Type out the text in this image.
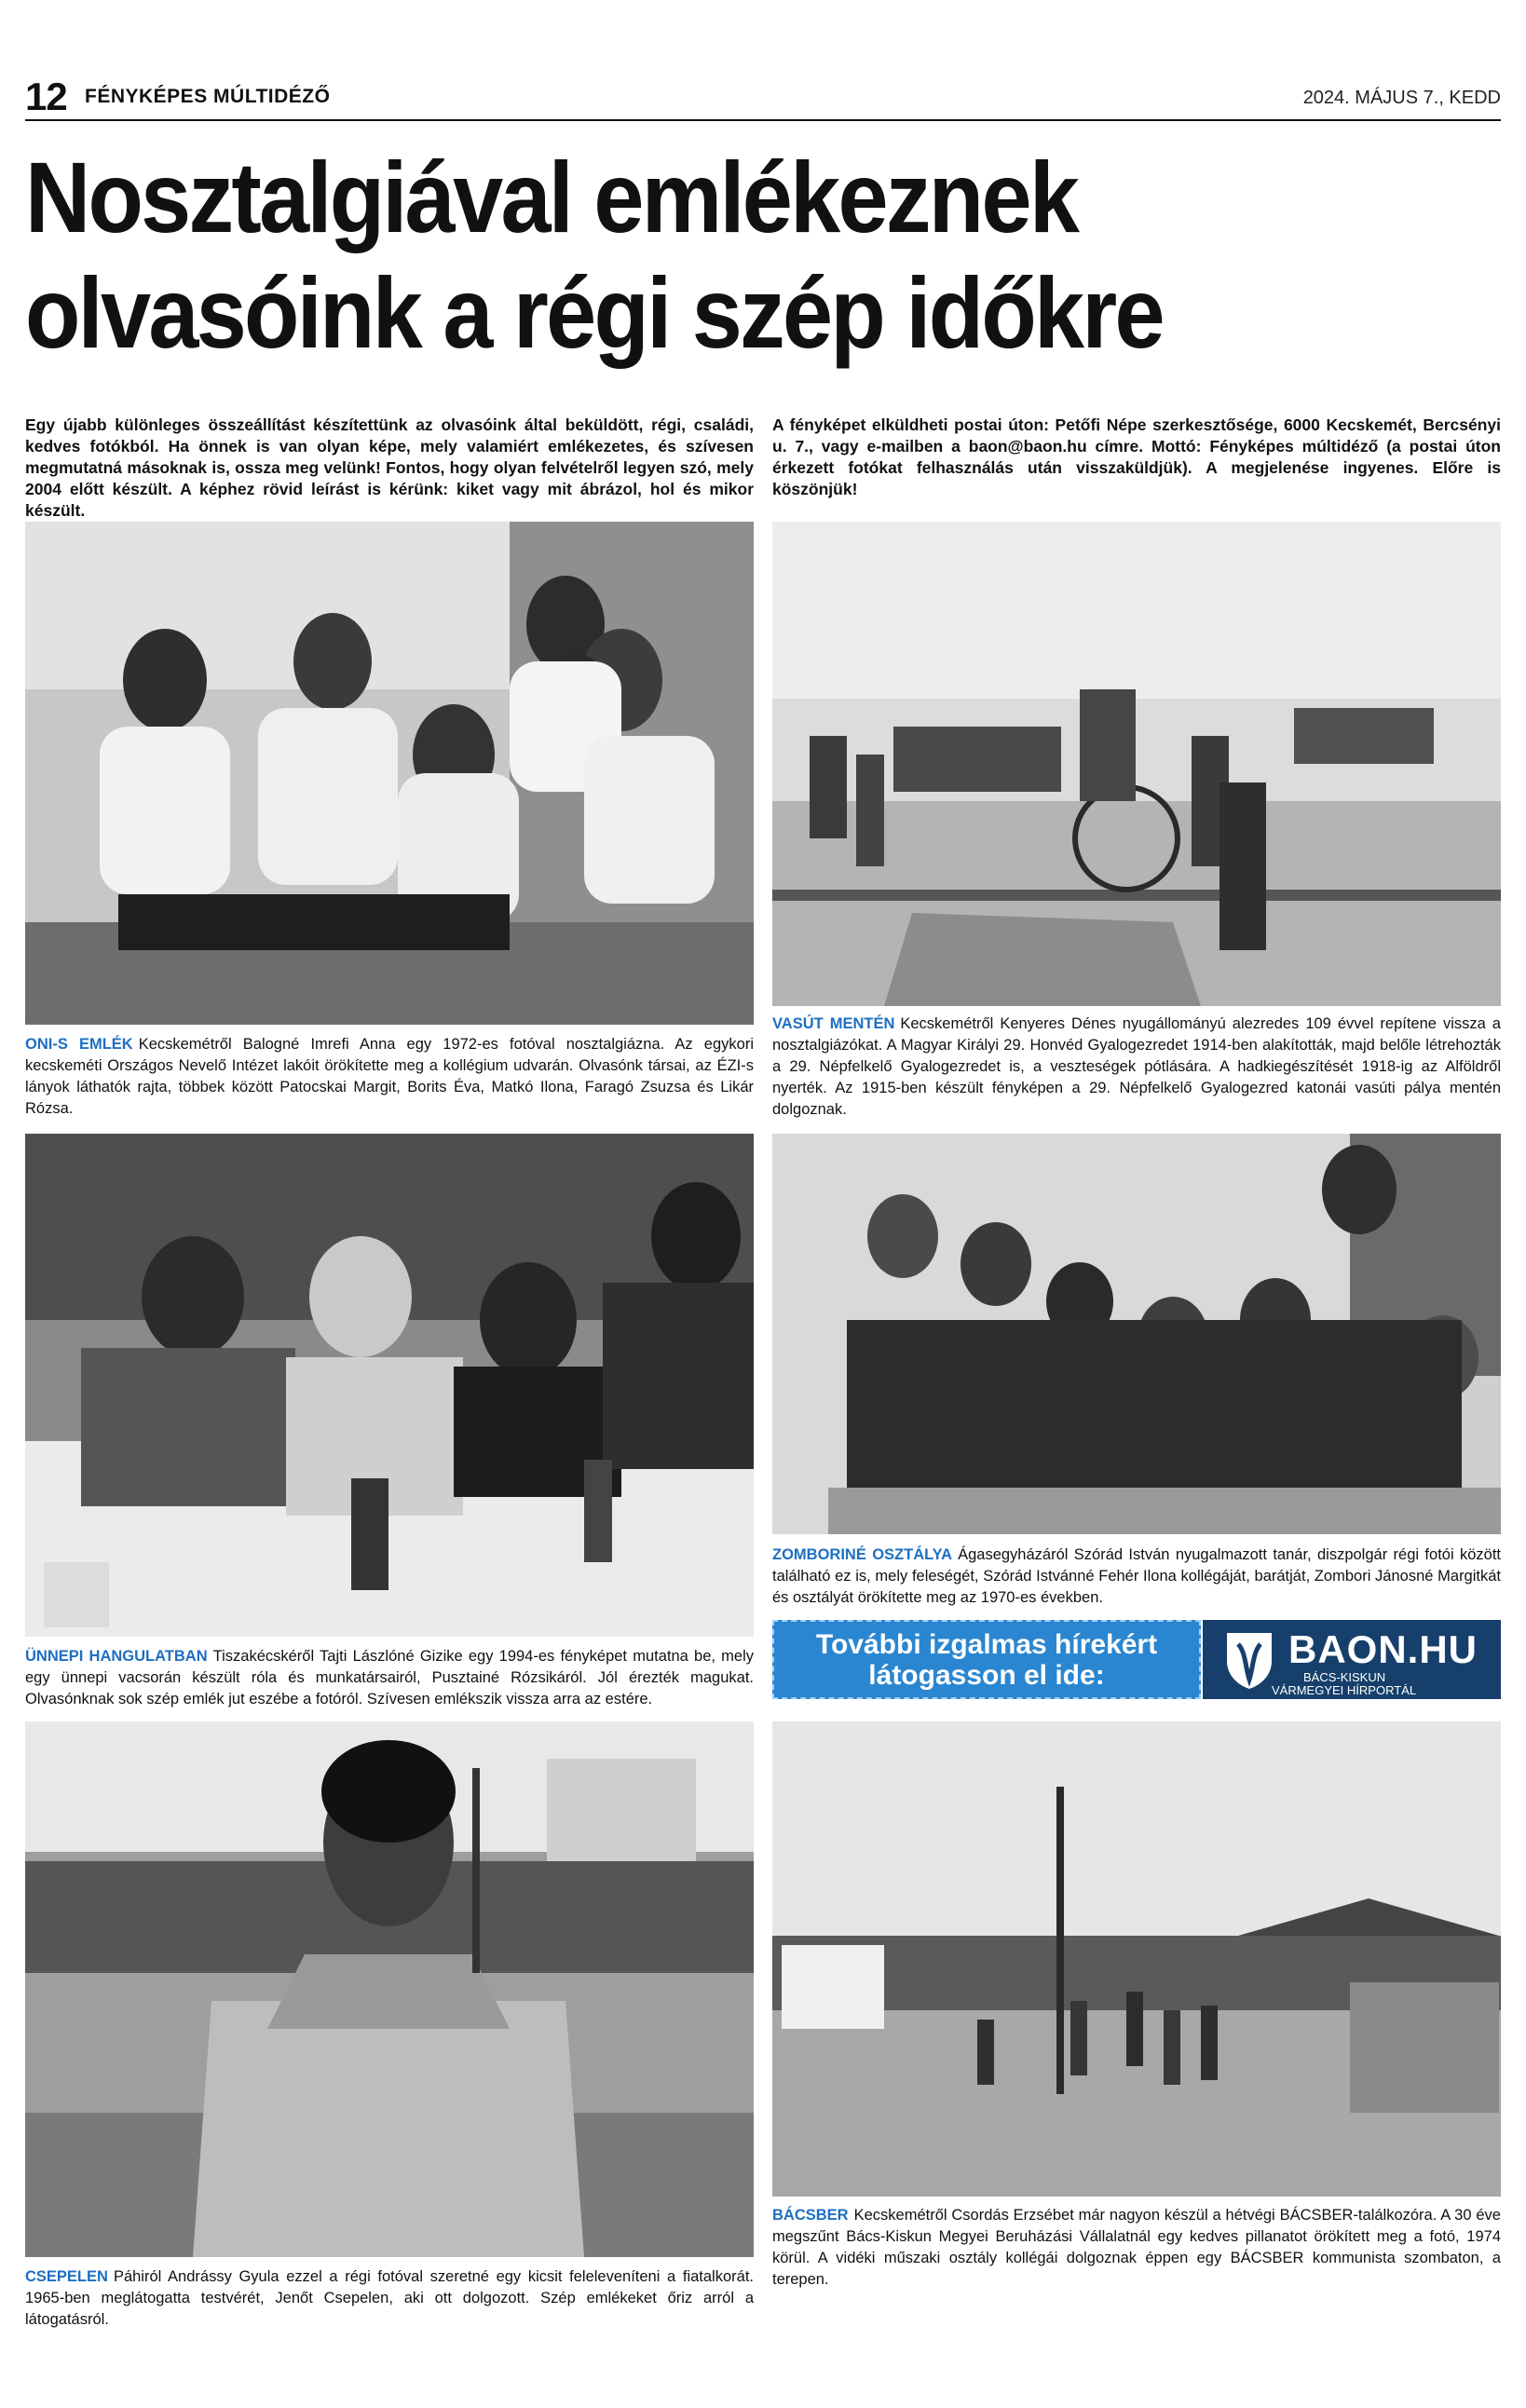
12 FÉNYKÉPES MÚLTIDÉZŐ	2024. MÁJUS 7., KEDD
Nosztalgiával emlékeznek
olvasóink a régi szép időkre
Egy újabb különleges összeállítást készítettünk az olvasóink által beküldött, régi, családi, kedves fotókból. Ha önnek is van olyan képe, mely valamiért emlékezetes, és szívesen megmutatná másoknak is, ossza meg velünk! Fontos, hogy olyan felvételről legyen szó, mely 2004 előtt készült. A képhez rövid leírást is kérünk: kiket vagy mit ábrázol, hol és mikor készült.
A fényképet elküldheti postai úton: Petőfi Népe szerkesztősége, 6000 Kecskemét, Bercsényi u. 7., vagy e-mailben a baon@baon.hu címre. Mottó: Fényképes múltidéző (a postai úton érkezett fotókat felhasználás után visszaküldjük). A megjelenése ingyenes. Előre is köszönjük!
ONI-S EMLÉK Kecskemétről Balogné Imrefi Anna egy 1972-es fotóval nosztalgiázna. Az egykori kecskeméti Országos Nevelő Intézet lakóit örökítette meg a kollégium udvarán. Olvasónk társai, az ÉZI-s lányok láthatók rajta, többek között Patocskai Margit, Borits Éva, Matkó Ilona, Faragó Zsuzsa és Likár Rózsa.
VASÚT MENTÉN Kecskemétről Kenyeres Dénes nyugállományú alezredes 109 évvel repítene vissza a nosztalgiázókat. A Magyar Királyi 29. Honvéd Gyalogezredet 1914-ben alakították, majd belőle létrehozták a 29. Népfelkelő Gyalogezredet is, a veszteségek pótlására. A hadkiegészítését 1918-ig az Alföldről nyerték. Az 1915-ben készült fényképen a 29. Népfelkelő Gyalogezred katonái vasúti pálya mentén dolgoznak.
ÜNNEPI HANGULATBAN Tiszakécskéről Tajti Lászlóné Gizike egy 1994-es fényképet mutatna be, mely egy ünnepi vacsorán készült róla és munkatársairól, Pusztainé Rózsikáról. Jól érezték magukat. Olvasónknak sok szép emlék jut eszébe a fotóról. Szívesen emlékszik vissza arra az estére.
ZOMBORINÉ OSZTÁLYA Ágasegyházáról Szórád István nyugalmazott tanár, diszpolgár régi fotói között található ez is, mely feleségét, Szórád Istvánné Fehér Ilona kollégáját, barátját, Zombori Jánosné Margitkát és osztályát örökítette meg az 1970-es években.
További izgalmas hírekért
látogasson el ide:
BAON.HU
BÁCS-KISKUN
VÁRMEGYEI HÍRPORTÁL
CSEPELEN Páhiról Andrássy Gyula ezzel a régi fotóval szeretné egy kicsit feleleveníteni a fiatalkorát. 1965-ben meglátogatta testvérét, Jenőt Csepelen, aki ott dolgozott. Szép emlékeket őriz arról a látogatásról.
BÁCSBER Kecskemétről Csordás Erzsébet már nagyon készül a hétvégi BÁCSBER-találkozóra. A 30 éve megszűnt Bács-Kiskun Megyei Beruházási Vállalatnál egy kedves pillanatot örökített meg a fotó, 1974 körül. A vidéki műszaki osztály kollégái dolgoznak éppen egy BÁCSBER kommunista szombaton, a terepen.
